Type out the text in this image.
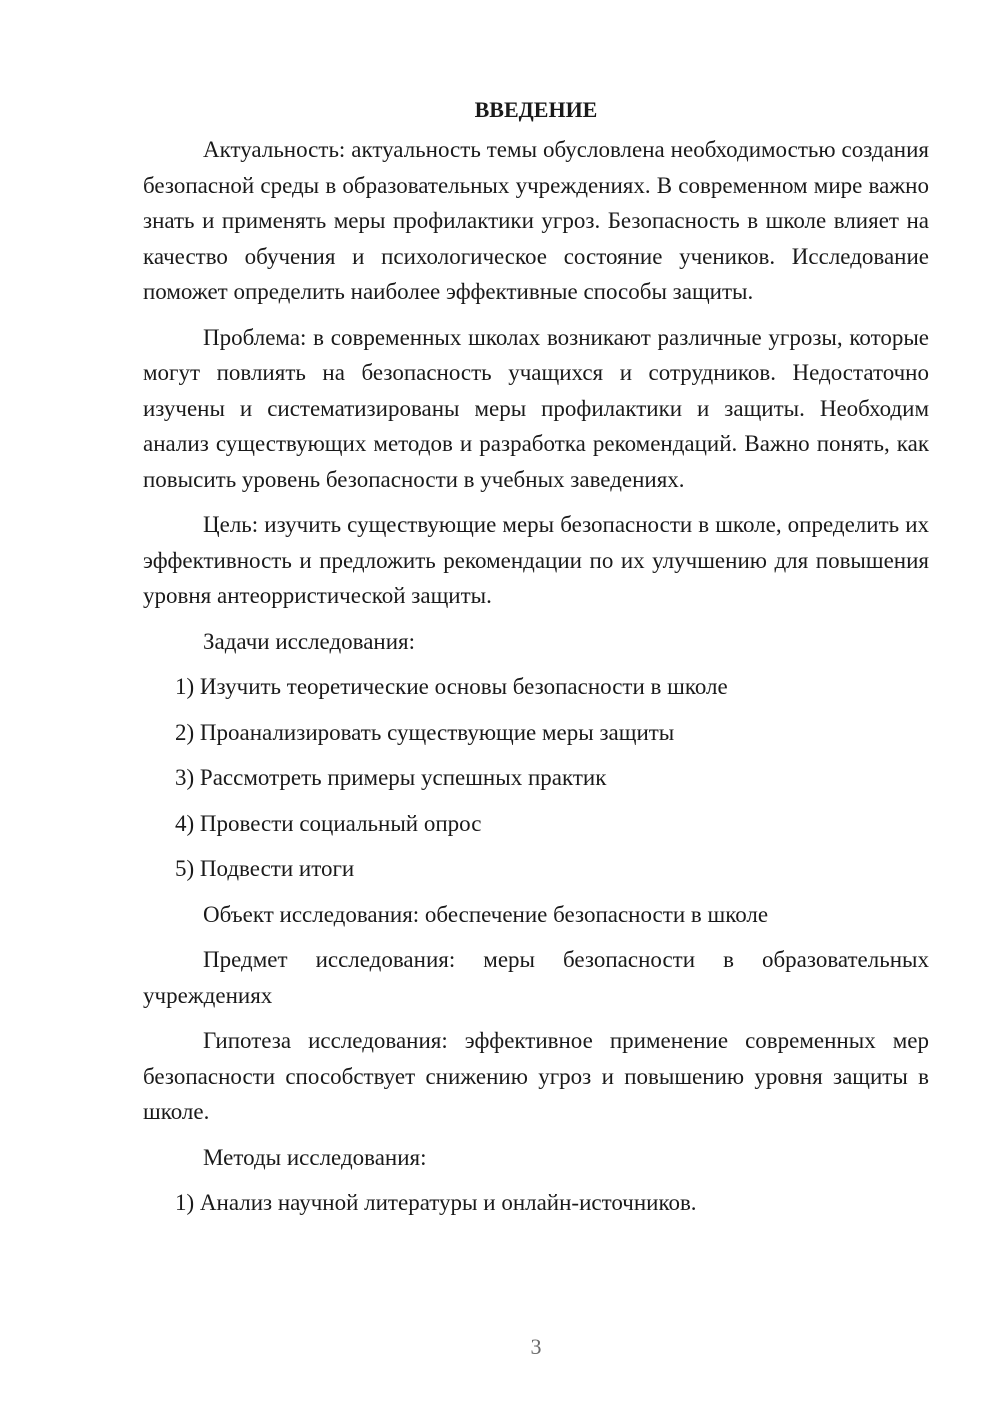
ВВЕДЕНИЕ

Актуальность: актуальность темы обусловлена необходимостью создания безопасной среды в образовательных учреждениях. В современном мире важно знать и применять меры профилактики угроз. Безопасность в школе влияет на качество обучения и психологическое состояние учеников. Исследование поможет определить наиболее эффективные способы защиты.

Проблема: в современных школах возникают различные угрозы, которые могут повлиять на безопасность учащихся и сотрудников. Недостаточно изучены и систематизированы меры профилактики и защиты. Необходим анализ существующих методов и разработка рекомендаций. Важно понять, как повысить уровень безопасности в учебных заведениях.

Цель: изучить существующие меры безопасности в школе, определить их эффективность и предложить рекомендации по их улучшению для повышения уровня антеорристической защиты.

Задачи исследования:
1) Изучить теоретические основы безопасности в школе
2) Проанализировать существующие меры защиты
3) Рассмотреть примеры успешных практик
4) Провести социальный опрос
5) Подвести итоги
Объект исследования: обеспечение безопасности в школе

Предмет исследования: меры безопасности в образовательных учреждениях

Гипотеза исследования: эффективное применение современных мер безопасности способствует снижению угроз и повышению уровня защиты в школе.

Методы исследования:
1) Анализ научной литературы и онлайн-источников.
3
